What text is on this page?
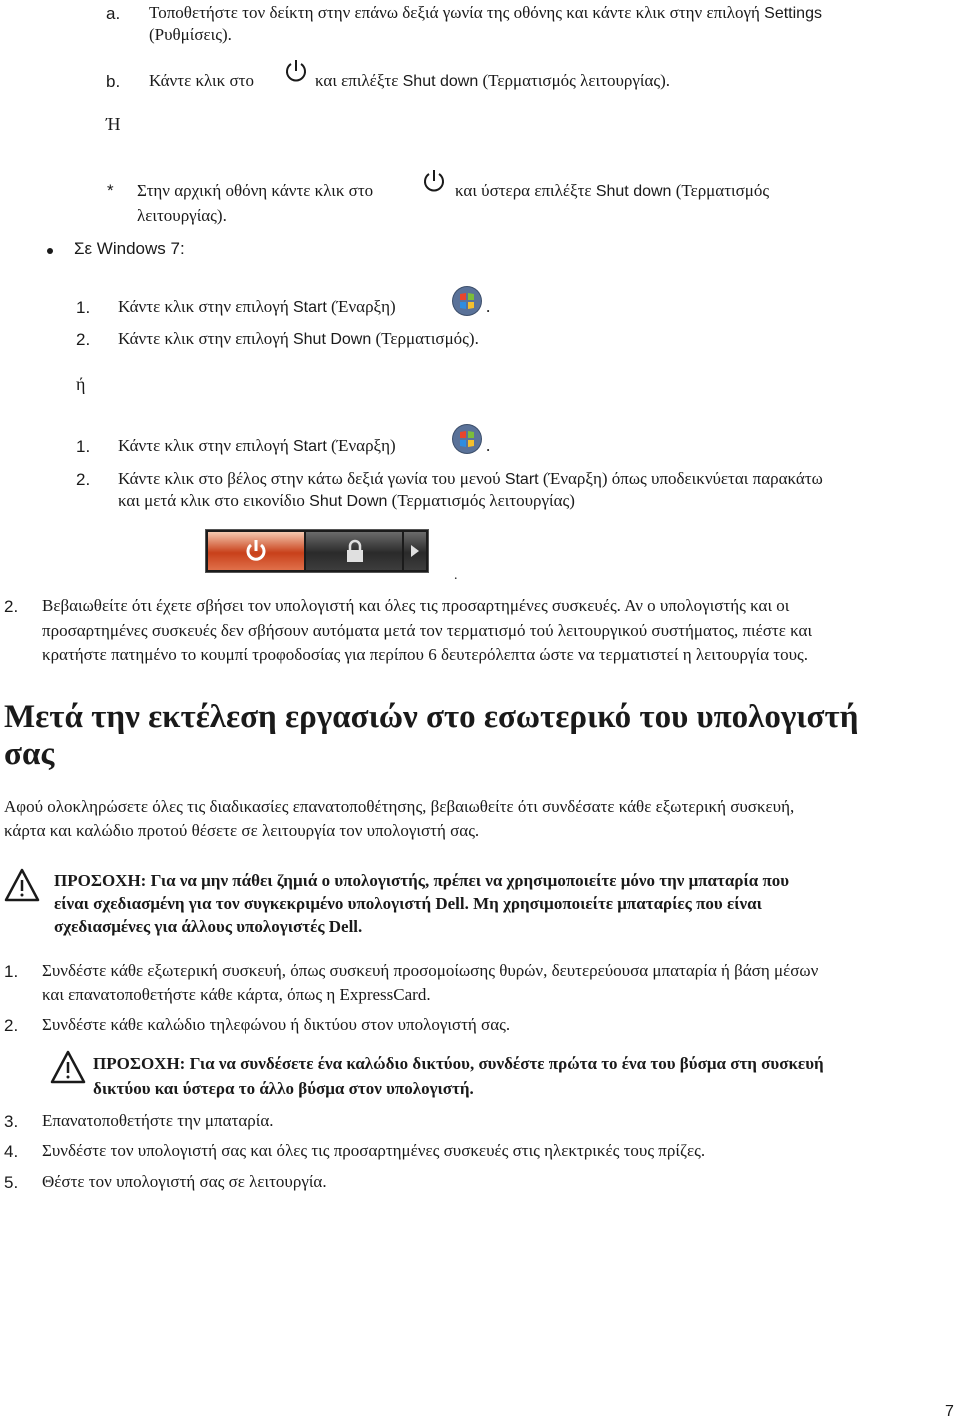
a. Τοποθετήστε τον δείκτη στην επάνω δεξιά γωνία της οθόνης και κάντε κλικ στην επιλογή Settings
(Ρυθμίσεις).
b. Κάντε κλικ στο	και επιλέξτε Shut down (Τερματισμός λειτουργίας).
Ή
* Στην αρχική οθόνη κάντε κλικ στο	και ύστερα επιλέξτε Shut down (Τερματισμός
λειτουργίας).
Σε Windows 7:
1. Κάντε κλικ στην επιλογή Start (Έναρξη)	.
2. Κάντε κλικ στην επιλογή Shut Down (Τερματισμός).
ή
1. Κάντε κλικ στην επιλογή Start (Έναρξη)	.
2. Κάντε κλικ στο βέλος στην κάτω δεξιά γωνία του μενού Start (Έναρξη) όπως υποδεικνύεται παρακάτω
και μετά κλικ στο εικονίδιο Shut Down (Τερματισμός λειτουργίας)
.
2. Βεβαιωθείτε ότι έχετε σβήσει τον υπολογιστή και όλες τις προσαρτημένες συσκευές. Αν ο υπολογιστής και οι
προσαρτημένες συσκευές δεν σβήσουν αυτόματα μετά τον τερματισμό τού λειτουργικού συστήματος, πιέστε και
κρατήστε πατημένο το κουμπί τροφοδοσίας για περίπου 6 δευτερόλεπτα ώστε να τερματιστεί η λειτουργία τους.
Μετά την εκτέλεση εργασιών στο εσωτερικό του υπολογιστή
σας
Αφού ολοκληρώσετε όλες τις διαδικασίες επανατοποθέτησης, βεβαιωθείτε ότι συνδέσατε κάθε εξωτερική συσκευή,
κάρτα και καλώδιο προτού θέσετε σε λειτουργία τον υπολογιστή σας.
ΠΡΟΣΟΧΗ: Για να μην πάθει ζημιά ο υπολογιστής, πρέπει να χρησιμοποιείτε μόνο την μπαταρία που
είναι σχεδιασμένη για τον συγκεκριμένο υπολογιστή Dell. Μη χρησιμοποιείτε μπαταρίες που είναι
σχεδιασμένες για άλλους υπολογιστές Dell.
1. Συνδέστε κάθε εξωτερική συσκευή, όπως συσκευή προσομοίωσης θυρών, δευτερεύουσα μπαταρία ή βάση μέσων
και επανατοποθετήστε κάθε κάρτα, όπως η ExpressCard.
2. Συνδέστε κάθε καλώδιο τηλεφώνου ή δικτύου στον υπολογιστή σας.
ΠΡΟΣΟΧΗ: Για να συνδέσετε ένα καλώδιο δικτύου, συνδέστε πρώτα το ένα του βύσμα στη συσκευή
δικτύου και ύστερα το άλλο βύσμα στον υπολογιστή.
3. Επανατοποθετήστε την μπαταρία.
4. Συνδέστε τον υπολογιστή σας και όλες τις προσαρτημένες συσκευές στις ηλεκτρικές τους πρίζες.
5. Θέστε τον υπολογιστή σας σε λειτουργία.
7
